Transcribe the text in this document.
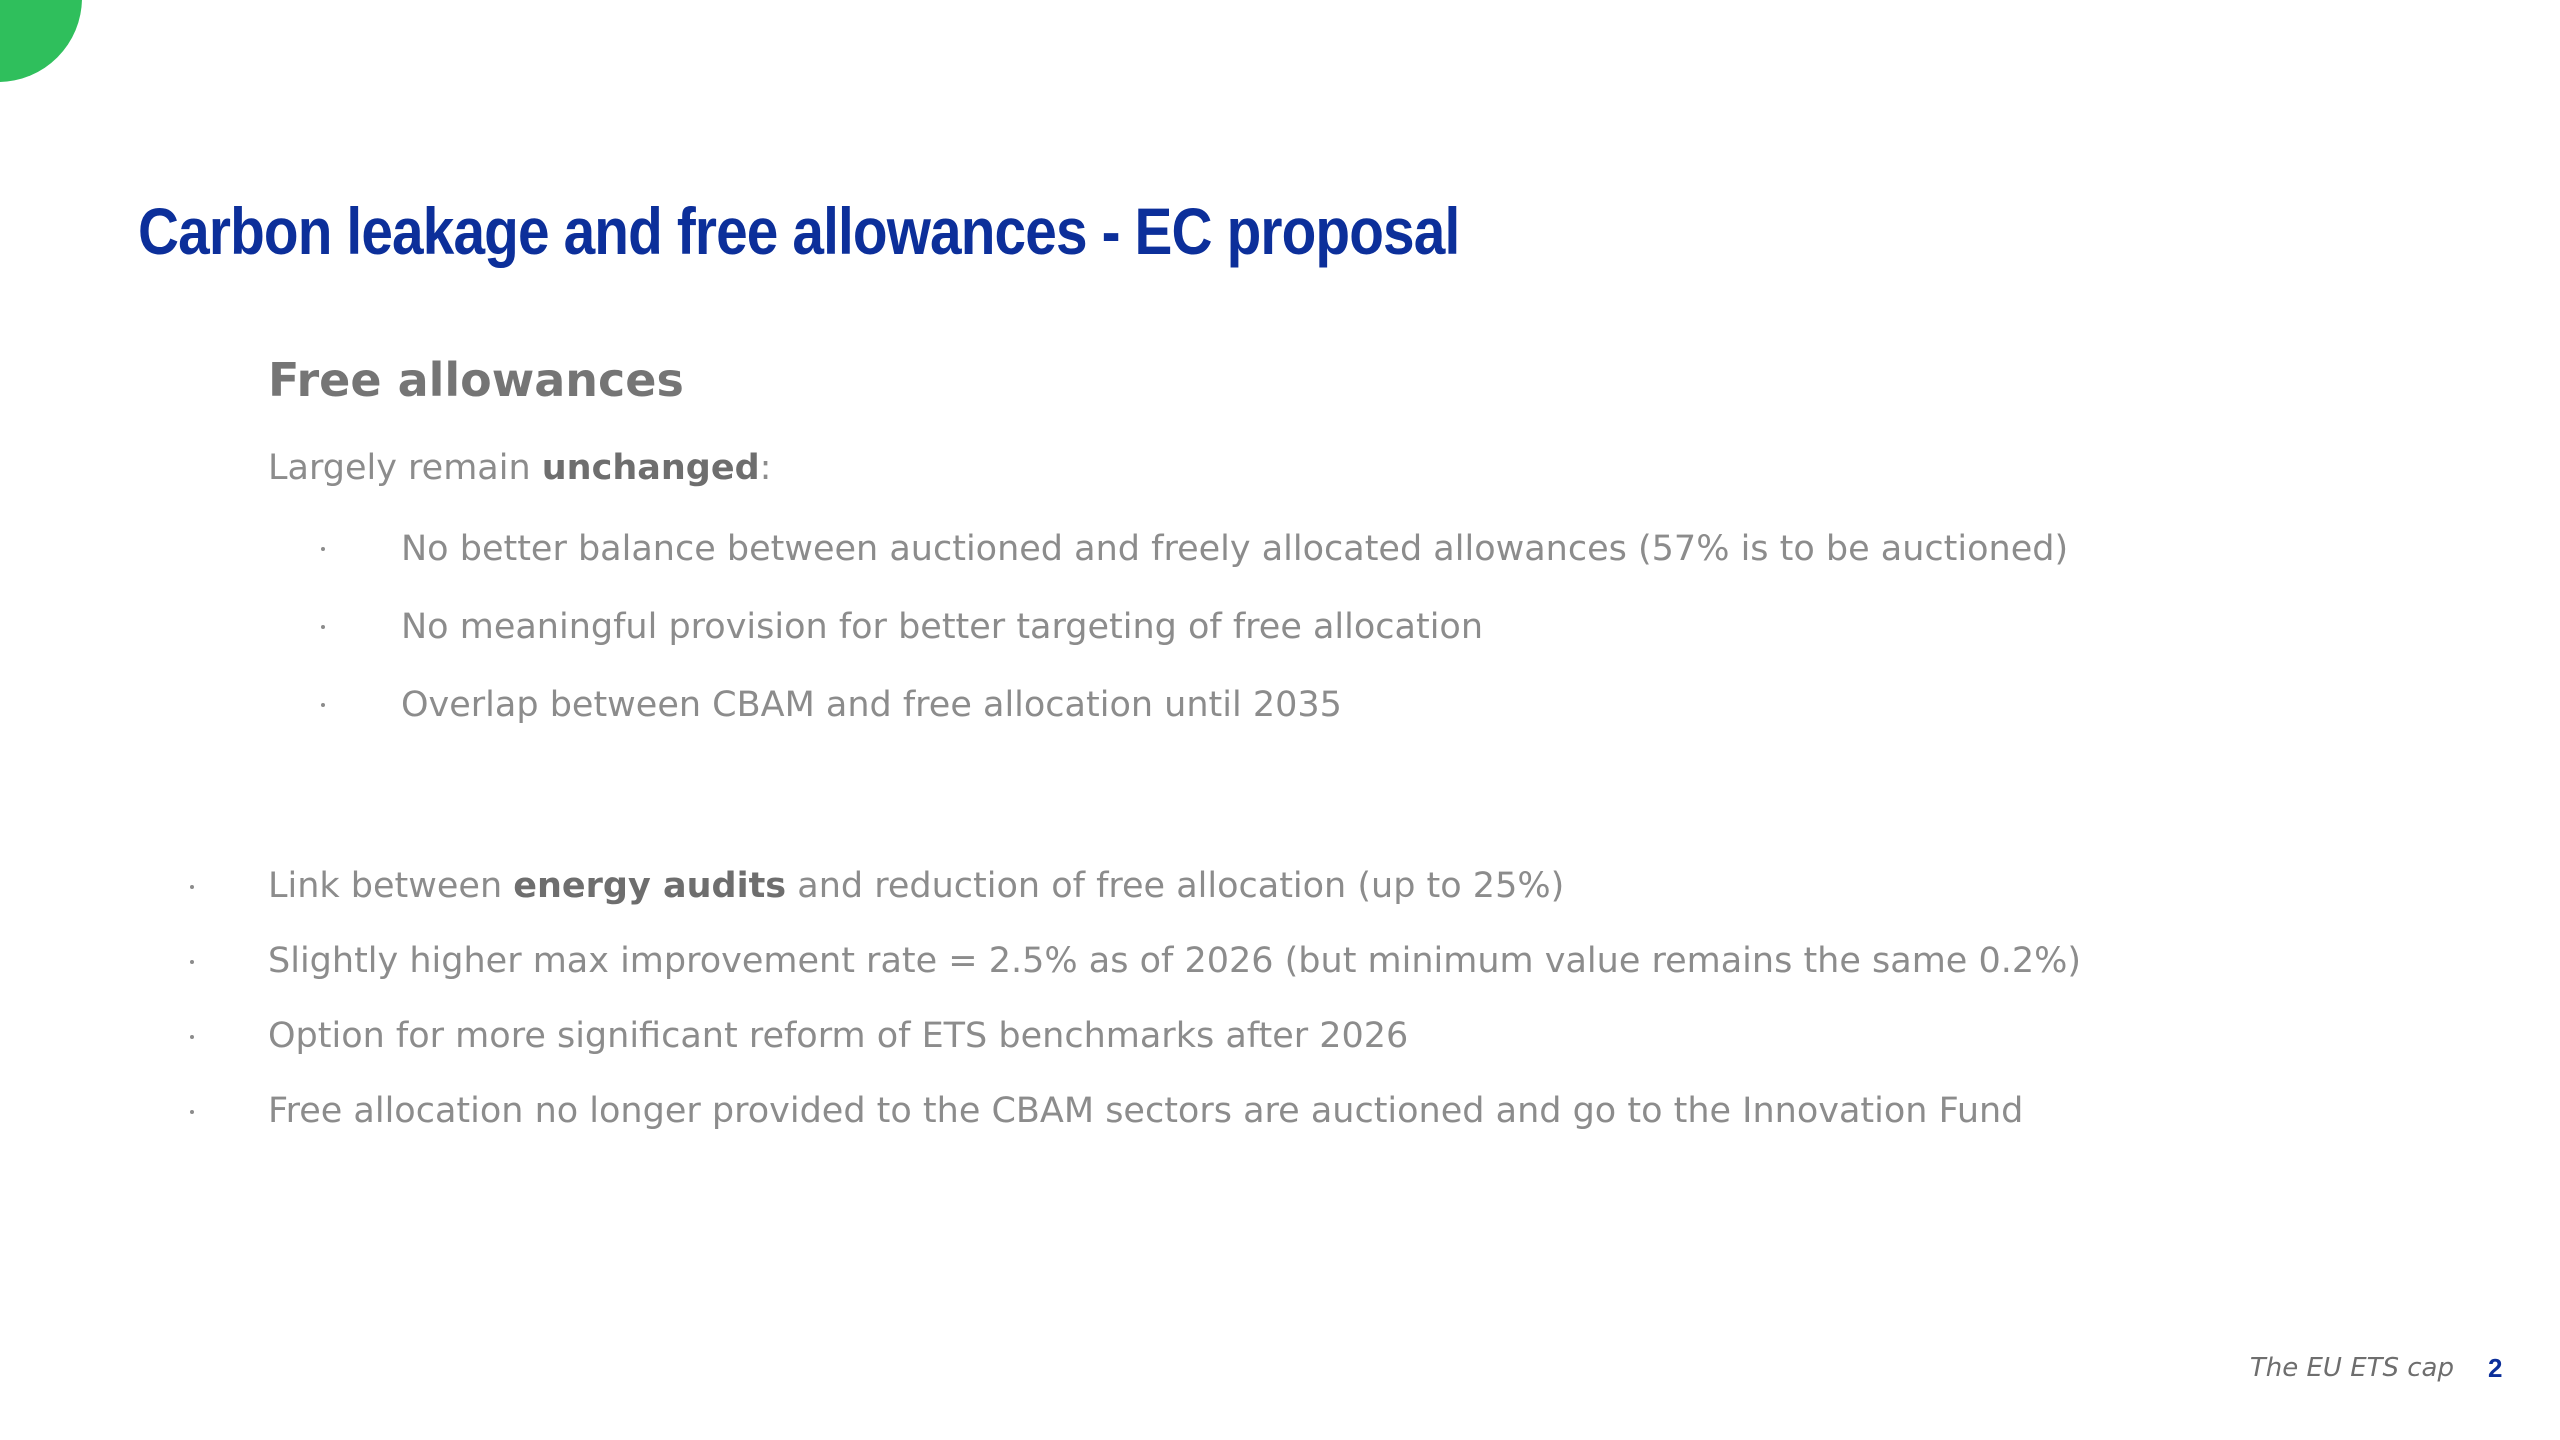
Carbon leakage and free allowances - EC proposal
Free allowances
Largely remain unchanged:
No better balance between auctioned and freely allocated allowances (57% is to be auctioned)
No meaningful provision for better targeting of free allocation
Overlap between CBAM and free allocation until 2035
Link between energy audits and reduction of free allocation (up to 25%)
Slightly higher max improvement rate = 2.5% as of 2026 (but minimum value remains the same 0.2%)
Option for more significant reform of ETS benchmarks after 2026
Free allocation no longer provided to the CBAM sectors are auctioned and go to the Innovation Fund
The EU ETS cap 2
